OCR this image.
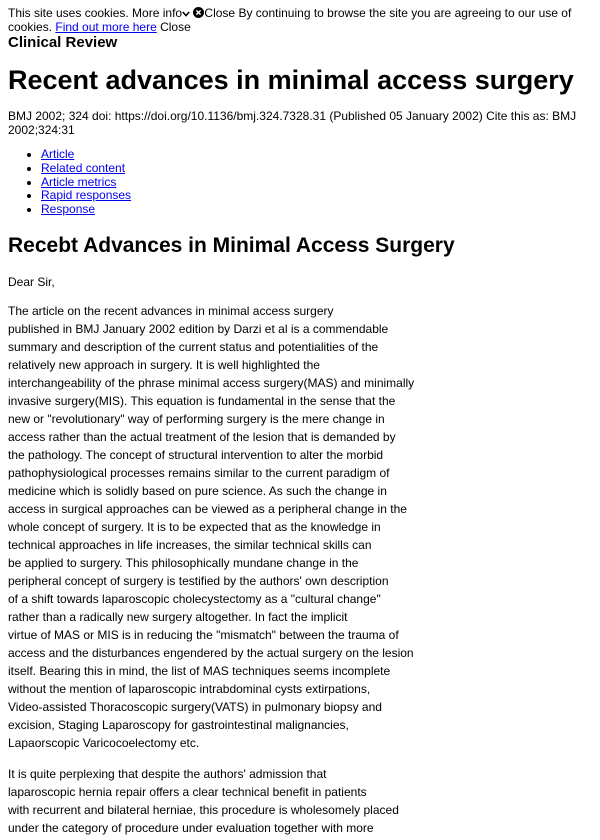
This site uses cookies. More info Close By continuing to browse the site you are agreeing to our use of cookies. Find out more here Close
Clinical Review
Recent advances in minimal access surgery
BMJ 2002; 324 doi: https://doi.org/10.1136/bmj.324.7328.31 (Published 05 January 2002) Cite this as: BMJ 2002;324:31
• Article
• Related content
• Article metrics
• Rapid responses
• Response
Recebt Advances in Minimal Access Surgery
Dear Sir,
The article on the recent advances in minimal access surgery
published in BMJ January 2002 edition by Darzi et al is a commendable
summary and description of the current status and potentialities of the
relatively new approach in surgery. It is well highlighted the
interchangeability of the phrase minimal access surgery(MAS) and minimally
invasive surgery(MIS). This equation is fundamental in the sense that the
new or "revolutionary" way of performing surgery is the mere change in
access rather than the actual treatment of the lesion that is demanded by
the pathology. The concept of structural intervention to alter the morbid
pathophysiological processes remains similar to the current paradigm of
medicine which is solidly based on pure science. As such the change in
access in surgical approaches can be viewed as a peripheral change in the
whole concept of surgery. It is to be expected that as the knowledge in
technical approaches in life increases, the similar technical skills can
be applied to surgery. This philosophically mundane change in the
peripheral concept of surgery is testified by the authors' own description
of a shift towards laparoscopic cholecystectomy as a "cultural change"
rather than a radically new surgery altogether. In fact the implicit
virtue of MAS or MIS is in reducing the "mismatch" between the trauma of
access and the disturbances engendered by the actual surgery on the lesion
itself. Bearing this in mind, the list of MAS techniques seems incomplete
without the mention of laparoscopic intrabdominal cysts extirpations,
Video-assisted Thoracoscopic surgery(VATS) in pulmonary biopsy and
excision, Staging Laparoscopy for gastrointestinal malignancies,
Lapaorscopic Varicocoelectomy etc.
It is quite perplexing that despite the authors' admission that
laparoscopic hernia repair offers a clear technical benefit in patients
with recurrent and bilateral herniae, this procedure is wholesomely placed
under the category of procedure under evaluation together with more
